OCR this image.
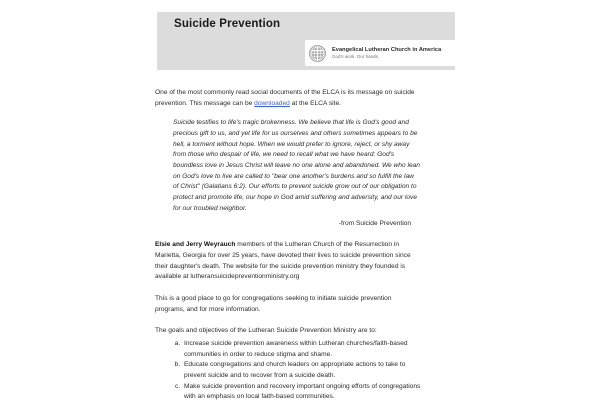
Suicide Prevention
Evangelical Lutheran Church in America
God's work. Our hands.

One of the most commonly read social documents of the ELCA is its message on suicide prevention. This message can be downloaded at the ELCA site.

Suicide testifies to life's tragic brokenness. We believe that life is God's good and precious gift to us, and yet life for us ourselves and others sometimes appears to be hell, a torment without hope. When we would prefer to ignore, reject, or shy away from those who despair of life, we need to recall what we have heard: God's boundless love in Jesus Christ will leave no one alone and abandoned. We who lean on God's love to live are called to "bear one another's burdens and so fulfill the law of Christ" (Galatians 6:2). Our efforts to prevent suicide grow out of our obligation to protect and promote life, our hope in God amid suffering and adversity, and our love for our troubled neighbor.

-from Suicide Prevention

Elsie and Jerry Weyrauch members of the Lutheran Church of the Resurrection in Marietta, Georgia for over 25 years, have devoted their lives to suicide prevention since their daughter's death. The website for the suicide prevention ministry they founded is available at lutheransuicidepreventionministry.org

This is a good place to go for congregations seeking to initiate suicide prevention programs, and for more information.

The goals and objectives of the Lutheran Suicide Prevention Ministry are to:

a. Increase suicide prevention awareness within Lutheran churches/faith-based communities in order to reduce stigma and shame.
b. Educate congregations and church leaders on appropriate actions to take to prevent suicide and to recover from a suicide death.
c. Make suicide prevention and recovery important ongoing efforts of congregations with an emphasis on local faith-based communities.
